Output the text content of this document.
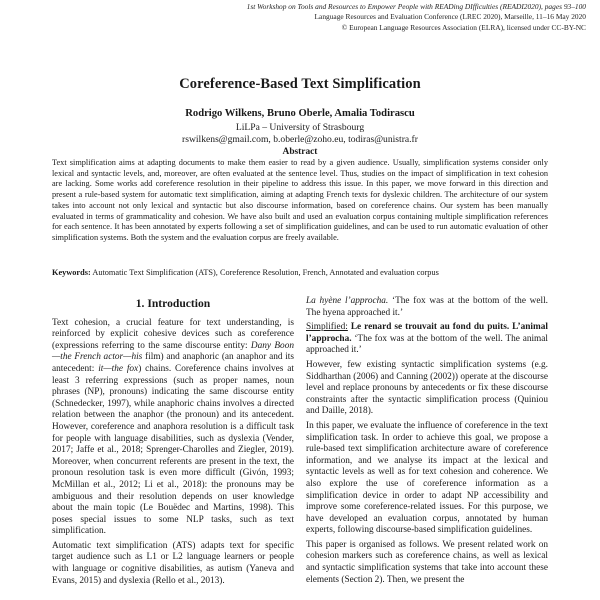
1st Workshop on Tools and Resources to Empower People with READing DIfficulties (READI2020), pages 93–100
Language Resources and Evaluation Conference (LREC 2020), Marseille, 11–16 May 2020
© European Language Resources Association (ELRA), licensed under CC-BY-NC
Coreference-Based Text Simplification
Rodrigo Wilkens, Bruno Oberle, Amalia Todirascu
LiLPa – University of Strasbourg
rswilkens@gmail.com, b.oberle@zoho.eu, todiras@unistra.fr
Abstract
Text simplification aims at adapting documents to make them easier to read by a given audience. Usually, simplification systems consider only lexical and syntactic levels, and, moreover, are often evaluated at the sentence level. Thus, studies on the impact of simplification in text cohesion are lacking. Some works add coreference resolution in their pipeline to address this issue. In this paper, we move forward in this direction and present a rule-based system for automatic text simplification, aiming at adapting French texts for dyslexic children. The architecture of our system takes into account not only lexical and syntactic but also discourse information, based on coreference chains. Our system has been manually evaluated in terms of grammaticality and cohesion. We have also built and used an evaluation corpus containing multiple simplification references for each sentence. It has been annotated by experts following a set of simplification guidelines, and can be used to run automatic evaluation of other simplification systems. Both the system and the evaluation corpus are freely available.
Keywords: Automatic Text Simplification (ATS), Coreference Resolution, French, Annotated and evaluation corpus
1. Introduction
Text cohesion, a crucial feature for text understanding, is reinforced by explicit cohesive devices such as coreference (expressions referring to the same discourse entity: Dany Boon—the French actor—his film) and anaphoric (an anaphor and its antecedent: it—the fox) chains. Coreference chains involves at least 3 referring expressions (such as proper names, noun phrases (NP), pronouns) indicating the same discourse entity (Schnedecker, 1997), while anaphoric chains involves a directed relation between the anaphor (the pronoun) and its antecedent. However, coreference and anaphora resolution is a difficult task for people with language disabilities, such as dyslexia (Vender, 2017; Jaffe et al., 2018; Sprenger-Charolles and Ziegler, 2019). Moreover, when concurrent referents are present in the text, the pronoun resolution task is even more difficult (Givón, 1993; McMillan et al., 2012; Li et al., 2018): the pronouns may be ambiguous and their resolution depends on user knowledge about the main topic (Le Bouëdec and Martins, 1998). This poses special issues to some NLP tasks, such as text simplification.
Automatic text simplification (ATS) adapts text for specific target audience such as L1 or L2 language learners or people with language or cognitive disabilities, as autism (Yaneva and Evans, 2015) and dyslexia (Rello et al., 2013).
La hyène l’approcha. ‘The fox was at the bottom of the well. The hyena approached it.’
Simplified: Le renard se trouvait au fond du puits. L’animal l’approcha. ‘The fox was at the bottom of the well. The animal approached it.’
However, few existing syntactic simplification systems (e.g. Siddharthan (2006) and Canning (2002)) operate at the discourse level and replace pronouns by antecedents or fix these discourse constraints after the syntactic simplification process (Quiniou and Daille, 2018).
In this paper, we evaluate the influence of coreference in the text simplification task. In order to achieve this goal, we propose a rule-based text simplification architecture aware of coreference information, and we analyse its impact at the lexical and syntactic levels as well as for text cohesion and coherence. We also explore the use of coreference information as a simplification device in order to adapt NP accessibility and improve some coreference-related issues. For this purpose, we have developed an evaluation corpus, annotated by human experts, following discourse-based simplification guidelines.
This paper is organised as follows. We present related work on cohesion markers such as coreference chains, as well as lexical and syntactic simplification systems that take into account these elements (Section 2). Then, we present the
